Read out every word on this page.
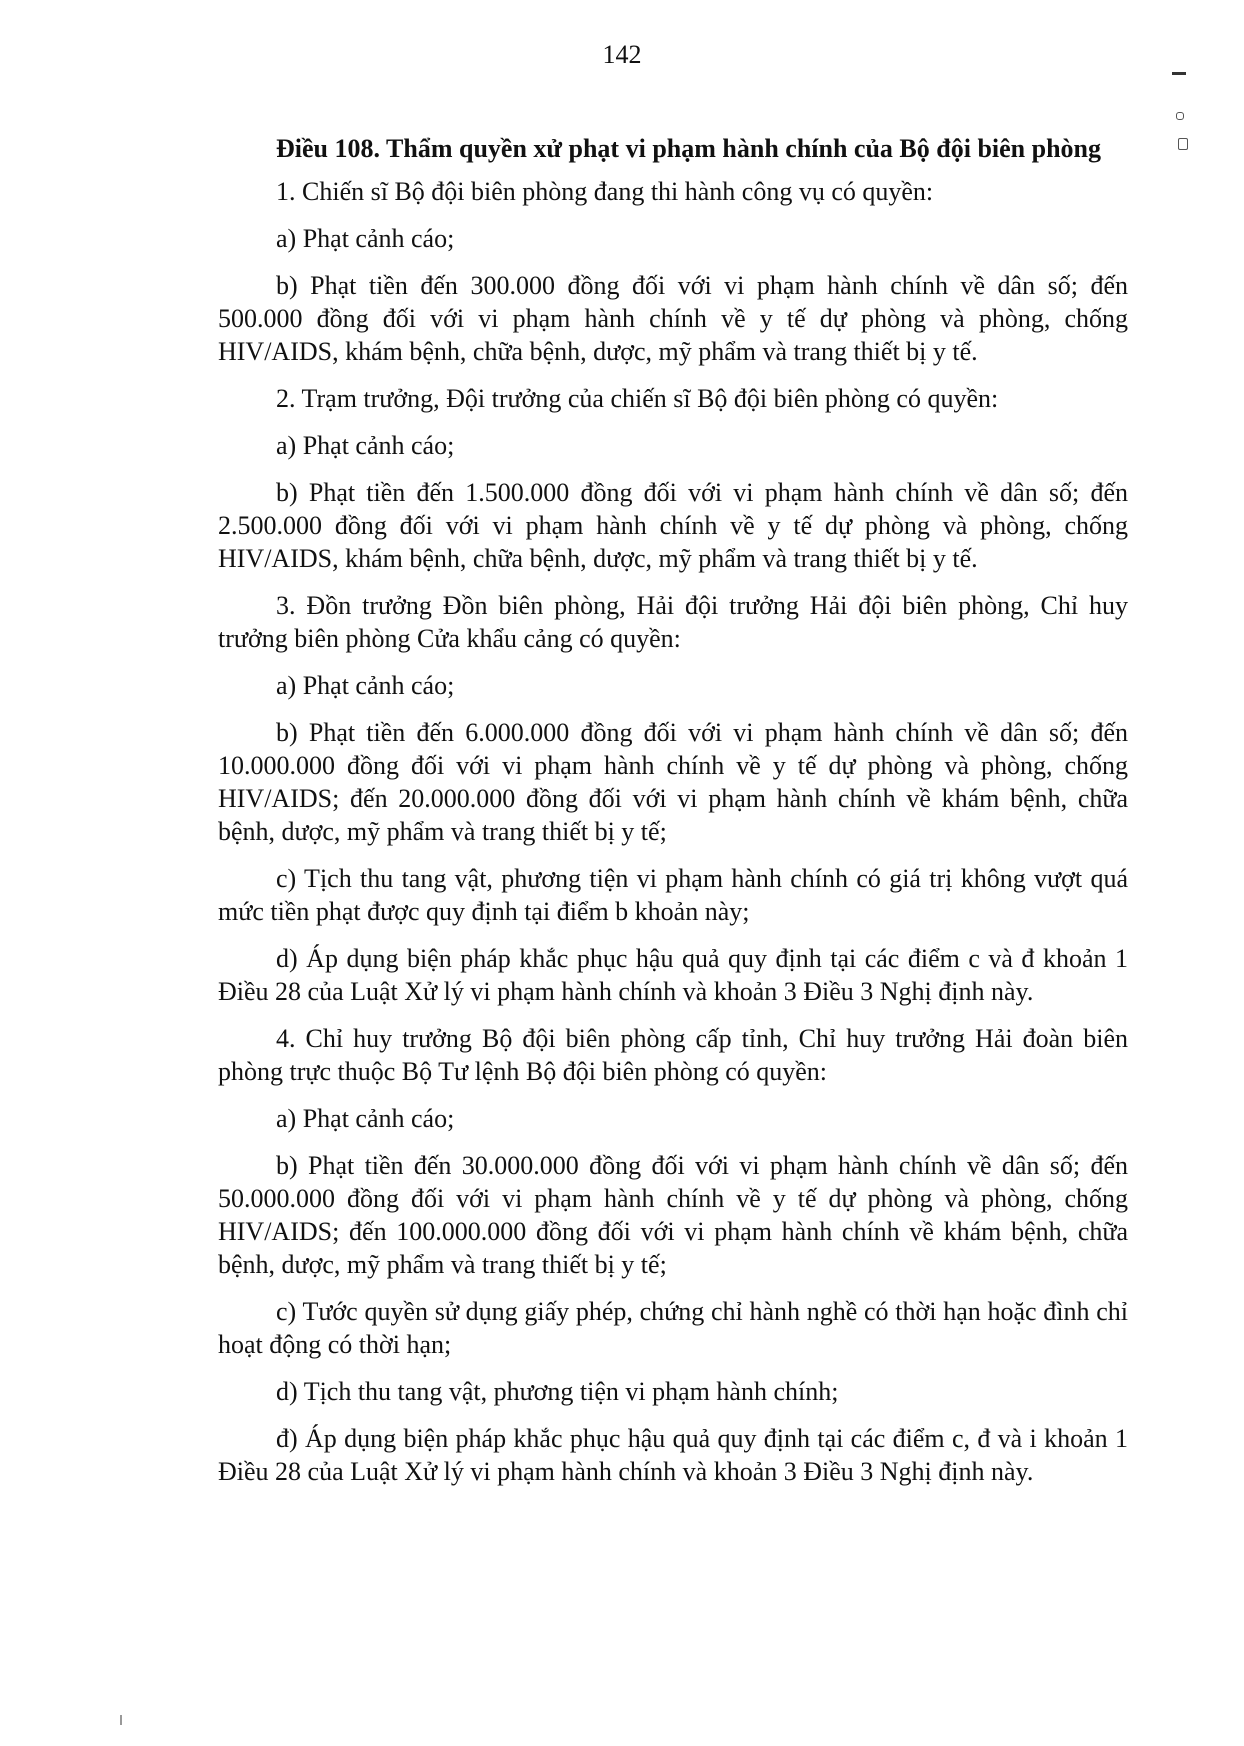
142
Điều 108. Thẩm quyền xử phạt vi phạm hành chính của Bộ đội biên phòng

1. Chiến sĩ Bộ đội biên phòng đang thi hành công vụ có quyền:

a) Phạt cảnh cáo;

b) Phạt tiền đến 300.000 đồng đối với vi phạm hành chính về dân số; đến 500.000 đồng đối với vi phạm hành chính về y tế dự phòng và phòng, chống HIV/AIDS, khám bệnh, chữa bệnh, dược, mỹ phẩm và trang thiết bị y tế.

2. Trạm trưởng, Đội trưởng của chiến sĩ Bộ đội biên phòng có quyền:

a) Phạt cảnh cáo;

b) Phạt tiền đến 1.500.000 đồng đối với vi phạm hành chính về dân số; đến 2.500.000 đồng đối với vi phạm hành chính về y tế dự phòng và phòng, chống HIV/AIDS, khám bệnh, chữa bệnh, dược, mỹ phẩm và trang thiết bị y tế.

3. Đồn trưởng Đồn biên phòng, Hải đội trưởng Hải đội biên phòng, Chỉ huy trưởng biên phòng Cửa khẩu cảng có quyền:

a) Phạt cảnh cáo;

b) Phạt tiền đến 6.000.000 đồng đối với vi phạm hành chính về dân số; đến 10.000.000 đồng đối với vi phạm hành chính về y tế dự phòng và phòng, chống HIV/AIDS; đến 20.000.000 đồng đối với vi phạm hành chính về khám bệnh, chữa bệnh, dược, mỹ phẩm và trang thiết bị y tế;

c) Tịch thu tang vật, phương tiện vi phạm hành chính có giá trị không vượt quá mức tiền phạt được quy định tại điểm b khoản này;

d) Áp dụng biện pháp khắc phục hậu quả quy định tại các điểm c và đ khoản 1 Điều 28 của Luật Xử lý vi phạm hành chính và khoản 3 Điều 3 Nghị định này.

4. Chỉ huy trưởng Bộ đội biên phòng cấp tỉnh, Chỉ huy trưởng Hải đoàn biên phòng trực thuộc Bộ Tư lệnh Bộ đội biên phòng có quyền:

a) Phạt cảnh cáo;

b) Phạt tiền đến 30.000.000 đồng đối với vi phạm hành chính về dân số; đến 50.000.000 đồng đối với vi phạm hành chính về y tế dự phòng và phòng, chống HIV/AIDS; đến 100.000.000 đồng đối với vi phạm hành chính về khám bệnh, chữa bệnh, dược, mỹ phẩm và trang thiết bị y tế;

c) Tước quyền sử dụng giấy phép, chứng chỉ hành nghề có thời hạn hoặc đình chỉ hoạt động có thời hạn;

d) Tịch thu tang vật, phương tiện vi phạm hành chính;

đ) Áp dụng biện pháp khắc phục hậu quả quy định tại các điểm c, đ và i khoản 1 Điều 28 của Luật Xử lý vi phạm hành chính và khoản 3 Điều 3 Nghị định này.
